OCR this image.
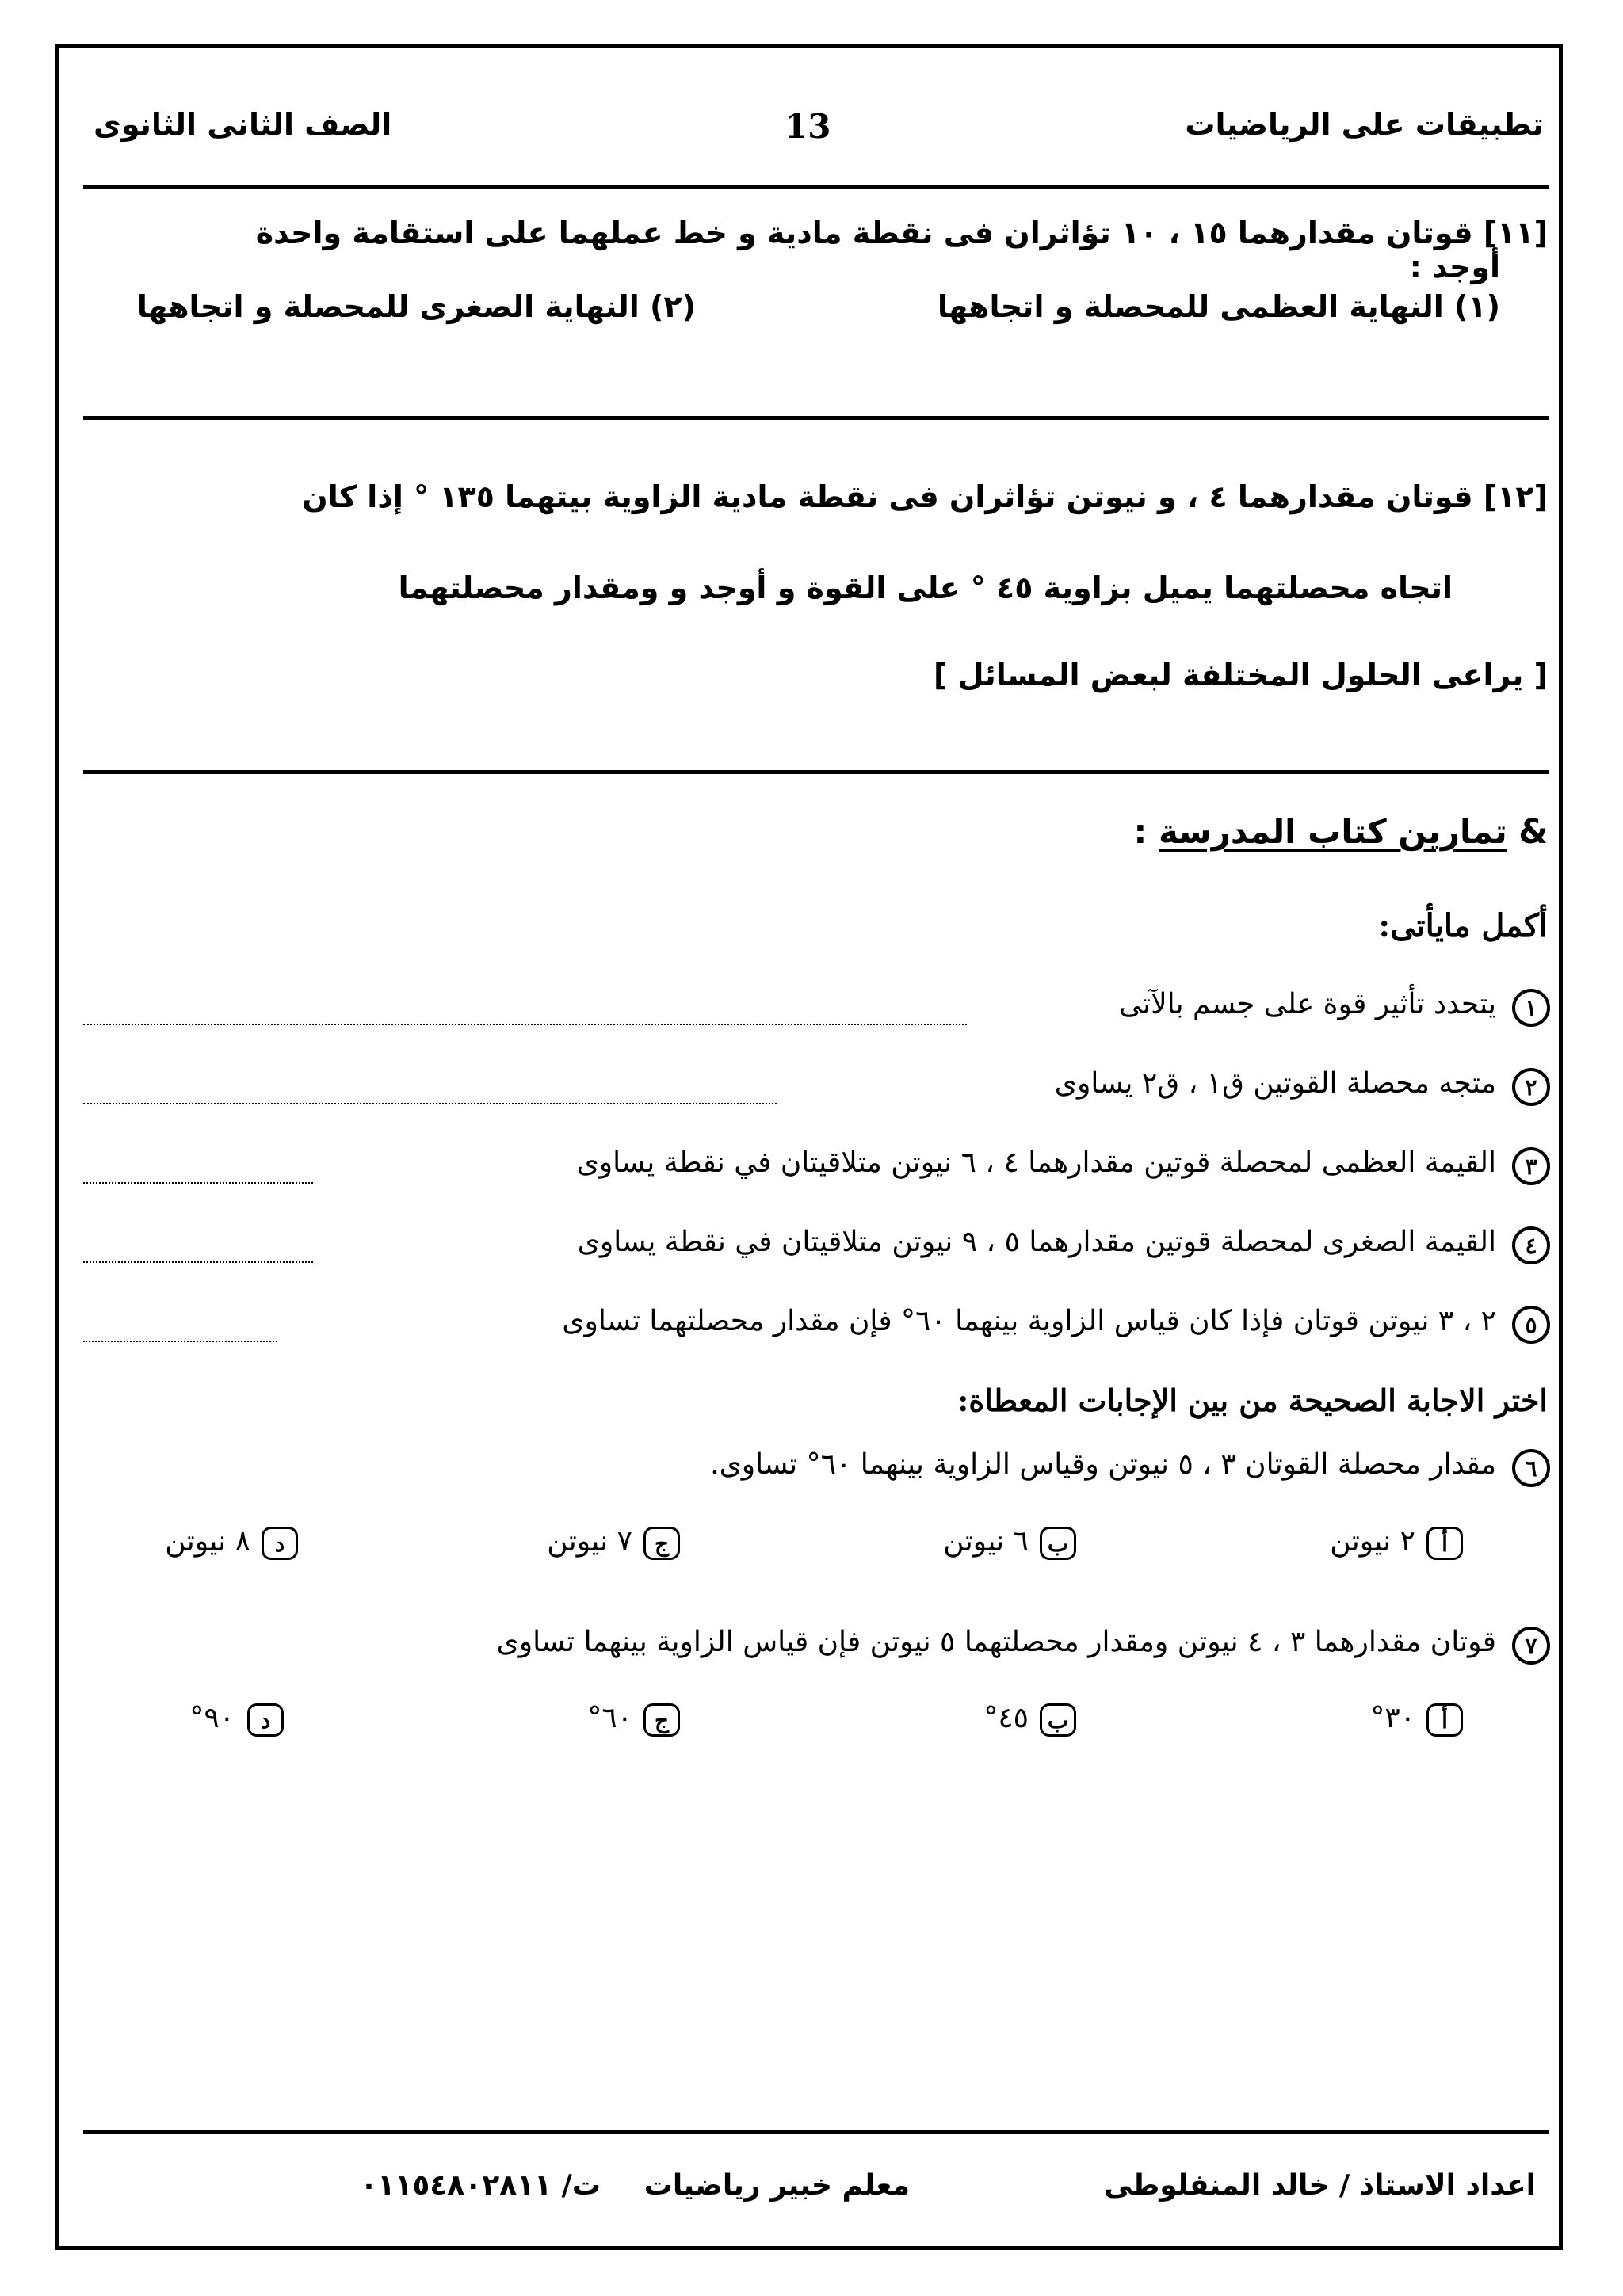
تطبيقات على الرياضيات
13
الصف الثانى الثانوى
[١١] قوتان مقدارهما ١٥ ، ١٠ تؤاثران فى نقطة مادية و خط عملهما على استقامة واحدة
أوجد :
(١) النهاية العظمى للمحصلة و اتجاهها
(٢) النهاية الصغرى للمحصلة و اتجاهها
[١٢] قوتان مقدارهما ٤ ، ﻭ نيوتن تؤاثران فى نقطة مادية الزاوية بيتهما ١٣٥ ° إذا كان
اتجاه محصلتهما يميل بزاوية ٤٥ ° على القوة ﻭ أوجد ﻭ ومقدار محصلتهما
[ يراعى الحلول المختلفة لبعض المسائل ]
& تمارين كتاب المدرسة :
أكمل مايأتى:
١
يتحدد تأثير قوة على جسم بالآتى
٢
متجه محصلة القوتين ق١ ، ق٢ يساوى
٣
القيمة العظمى لمحصلة قوتين مقدارهما ٤ ، ٦ نيوتن متلاقيتان في نقطة يساوى
٤
القيمة الصغرى لمحصلة قوتين مقدارهما ٥ ، ٩ نيوتن متلاقيتان في نقطة يساوى
٥
٢ ، ٣ نيوتن قوتان فإذا كان قياس الزاوية بينهما ٦٠° فإن مقدار محصلتهما تساوى
اختر الاجابة الصحيحة من بين الإجابات المعطاة:
٦
مقدار محصلة القوتان ٣ ، ٥ نيوتن وقياس الزاوية بينهما ٦٠° تساوى.
أ
٢ نيوتن
ب
٦ نيوتن
ج
٧ نيوتن
د
٨ نيوتن
٧
قوتان مقدارهما ٣ ، ٤ نيوتن ومقدار محصلتهما ٥ نيوتن فإن قياس الزاوية بينهما تساوى
أ
٣٠°
ب
٤٥°
ج
٦٠°
د
٩٠°
اعداد الاستاذ / خالد المنفلوطى
معلم خبير رياضيات
ت/ ٠١١٥٤٨٠٢٨١١
